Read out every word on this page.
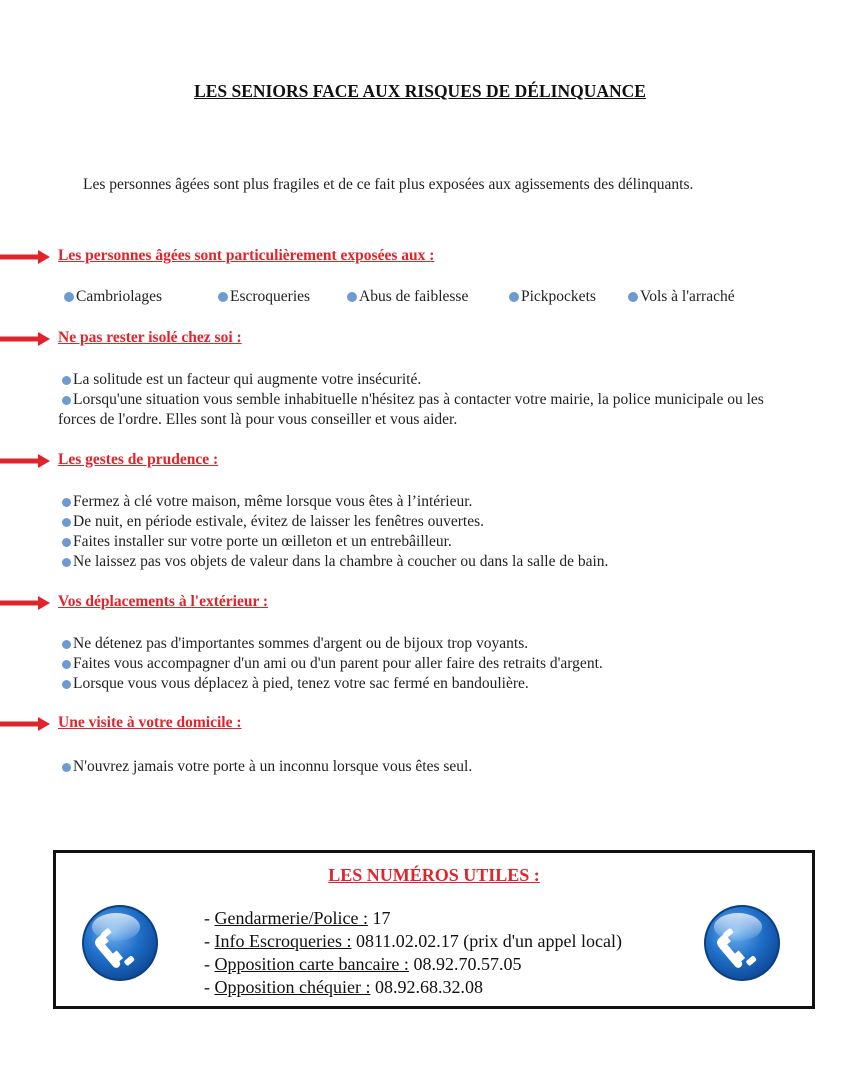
LES SENIORS FACE AUX RISQUES DE DÉLINQUANCE
Les personnes âgées sont plus fragiles et de ce fait plus exposées aux agissements des délinquants.
Les personnes âgées sont particulièrement exposées aux :
Cambriolages	Escroqueries	Abus de faiblesse	Pickpockets	Vols à l'arraché
Ne pas rester isolé chez soi :
La solitude est un facteur qui augmente votre insécurité.
Lorsqu'une situation vous semble inhabituelle n'hésitez pas à contacter votre mairie, la police municipale ou les
forces de l'ordre. Elles sont là pour vous conseiller et vous aider.
Les gestes de prudence :
Fermez à clé votre maison, même lorsque vous êtes à l’intérieur.
De nuit, en période estivale, évitez de laisser les fenêtres ouvertes.
Faites installer sur votre porte un œilleton et un entrebâilleur.
Ne laissez pas vos objets de valeur dans la chambre à coucher ou dans la salle de bain.
Vos déplacements à l'extérieur :
Ne détenez pas d'importantes sommes d'argent ou de bijoux trop voyants.
Faites vous accompagner d'un ami ou d'un parent pour aller faire des retraits d'argent.
Lorsque vous vous déplacez à pied, tenez votre sac fermé en bandoulière.
Une visite à votre domicile :
N'ouvrez jamais votre porte à un inconnu lorsque vous êtes seul.
LES NUMÉROS UTILES :
- Gendarmerie/Police : 17
- Info Escroqueries : 0811.02.02.17 (prix d'un appel local)
- Opposition carte bancaire : 08.92.70.57.05
- Opposition chéquier : 08.92.68.32.08
